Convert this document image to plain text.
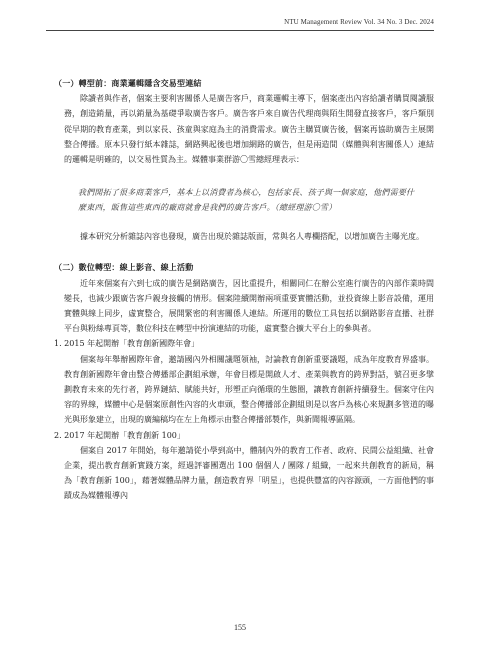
NTU Management Review Vol. 34 No. 3 Dec. 2024

（一）轉型前：商業邏輯隱含交易型連結

除讀者與作者，個案主要利害關係人是廣告客戶，商業邏輯主導下，個案產出內容給讀者購買閱讀服務，創造銷量，再以銷量為基礎爭取廣告客戶。廣告客戶來自廣告代理商與陌生開發直接客戶，客戶類別從早期的教育產業，到以家長、孩童與家庭為主的消費需求。廣告主購買廣告後，個案再協助廣告主展開整合傳播。原本只發行紙本雜誌，網路興起後也增加網路的廣告，但是兩造間（媒體與利害關係人）連結的邏輯是明確的，以交易性質為主。媒體事業群游〇雪總經理表示：

我們開拓了很多商業客戶，基本上以消費者為核心，包括家長、孩子與一個家庭，他們需要什麼東西，販售這些東西的廠商就會是我們的廣告客戶。（總經理游〇雪）

據本研究分析雜誌內容也發現，廣告出現於雜誌版面，常與名人專欄搭配，以增加廣告主曝光度。

（二）數位轉型：線上影音、線上活動

近年來個案有六到七成的廣告是網路廣告，因比重提升，相關同仁在辦公室進行廣告的內部作業時間變長，也減少跟廣告客戶親身接觸的情形。個案陸續開辦兩項重要實體活動，並投資線上影音設備，運用實體與線上同步，虛實整合，展開緊密的利害關係人連結。所運用的數位工具包括以網路影音直播、社群平台與粉絲專頁等，數位科技在轉型中扮演連結的功能，虛實整合擴大平台上的參與者。

1. 2015 年起開辦「教育創新國際年會」

個案每年舉辦國際年會，邀請國內外相關議題領袖，討論教育創新重要議題，成為年度教育界盛事。教育創新國際年會由整合傳播部企劃組承辦，年會目標是開啟人才、產業與教育的跨界對話，號召更多擘劃教育未來的先行者，跨界鏈結、賦能共好，形塑正向循環的生態圈，讓教育創新持續發生。個案守住內容的界線，媒體中心是個案原創性內容的火車頭，整合傳播部企劃組則是以客戶為核心來規劃多管道的曝光與形象建立，出現的廣編稿均在左上角標示由整合傳播部製作，與新聞報導區隔。

2. 2017 年起開辦「教育創新 100」

個案自 2017 年開始，每年邀請從小學到高中，體制內外的教育工作者、政府、民間公益組織、社會企業，提出教育創新實踐方案，經過評審團選出 100 個個人 / 團隊 / 組織，一起來共創教育的新局，稱為「教育創新 100」，藉著媒體品牌力量，創造教育界「明星」，也提供豐富的內容源頭，一方面他們的事蹟成為媒體報導內

155
